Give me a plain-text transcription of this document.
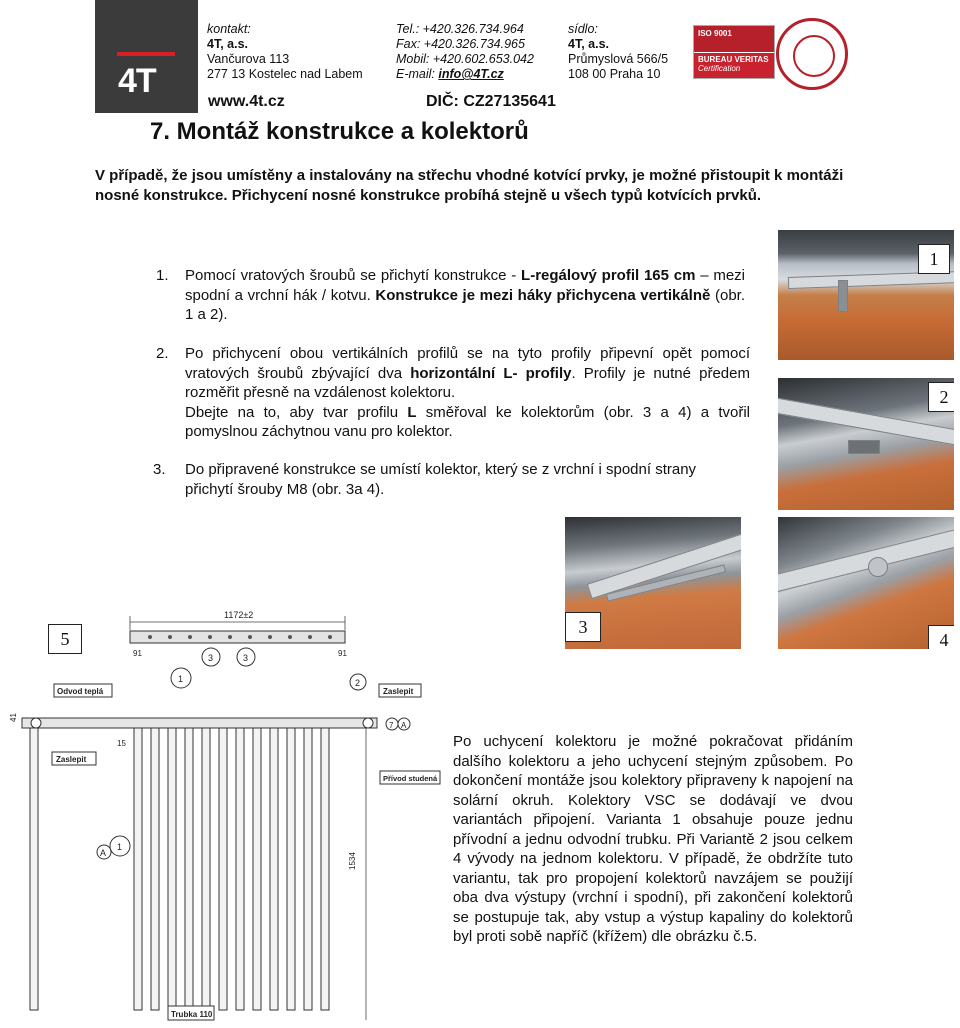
4T
kontakt:
4T, a.s.
Vančurova 113
277 13 Kostelec nad Labem
Tel.: +420.326.734.964
Fax: +420.326.734.965
Mobil: +420.602.653.042
E-mail: info@4T.cz
sídlo:
4T, a.s.
Průmyslová 566/5
108 00 Praha 10
www.4t.cz	DIČ: CZ27135641
ISO 9001
BUREAU VERITAS
Certification
7. Montáž konstrukce a kolektorů
V případě, že jsou umístěny a instalovány na střechu vhodné kotvící prvky, je možné přistoupit k montáži nosné konstrukce. Přichycení nosné konstrukce probíhá stejně u všech typů kotvících prvků.
1. Pomocí vratových šroubů se přichytí konstrukce - L-regálový profil 165 cm – mezi spodní a vrchní hák / kotvu. Konstrukce je mezi háky přichycena vertikálně (obr. 1 a 2).
2. Po přichycení obou vertikálních profilů se na tyto profily připevní opět pomocí vratových šroubů zbývající dva horizontální L- profily. Profily je nutné předem rozměřit přesně na vzdálenost kolektoru.
Dbejte na to, aby tvar profilu L směřoval ke kolektorům (obr. 3 a 4) a tvořil pomyslnou záchytnou vanu pro kolektor.
3. Do připravené konstrukce se umístí kolektor, který se z vrchní i spodní strany přichytí šrouby M8 (obr. 3a 4).
1
2
3
4
5
1172±2
91	91
1
3	3
2
Odvod teplá	Zaslepit
Zaslepit
Přívod studená
41
15
1534
7 A
A
1
Trubka 110
Po uchycení kolektoru je možné pokračovat přidáním dalšího kolektoru a jeho uchycení stejným způsobem. Po dokončení montáže jsou kolektory připraveny k napojení na solární okruh. Kolektory VSC se dodávají ve dvou variantách připojení. Varianta 1 obsahuje pouze jednu přívodní a jednu odvodní trubku. Při Variantě 2 jsou celkem 4 vývody na jednom kolektoru. V případě, že obdržíte tuto variantu, tak pro propojení kolektorů navzájem se použijí oba dva výstupy (vrchní i spodní), při zakončení kolektorů se postupuje tak, aby vstup a výstup kapaliny do kolektorů byl proti sobě napříč (křížem) dle obrázku č.5.
